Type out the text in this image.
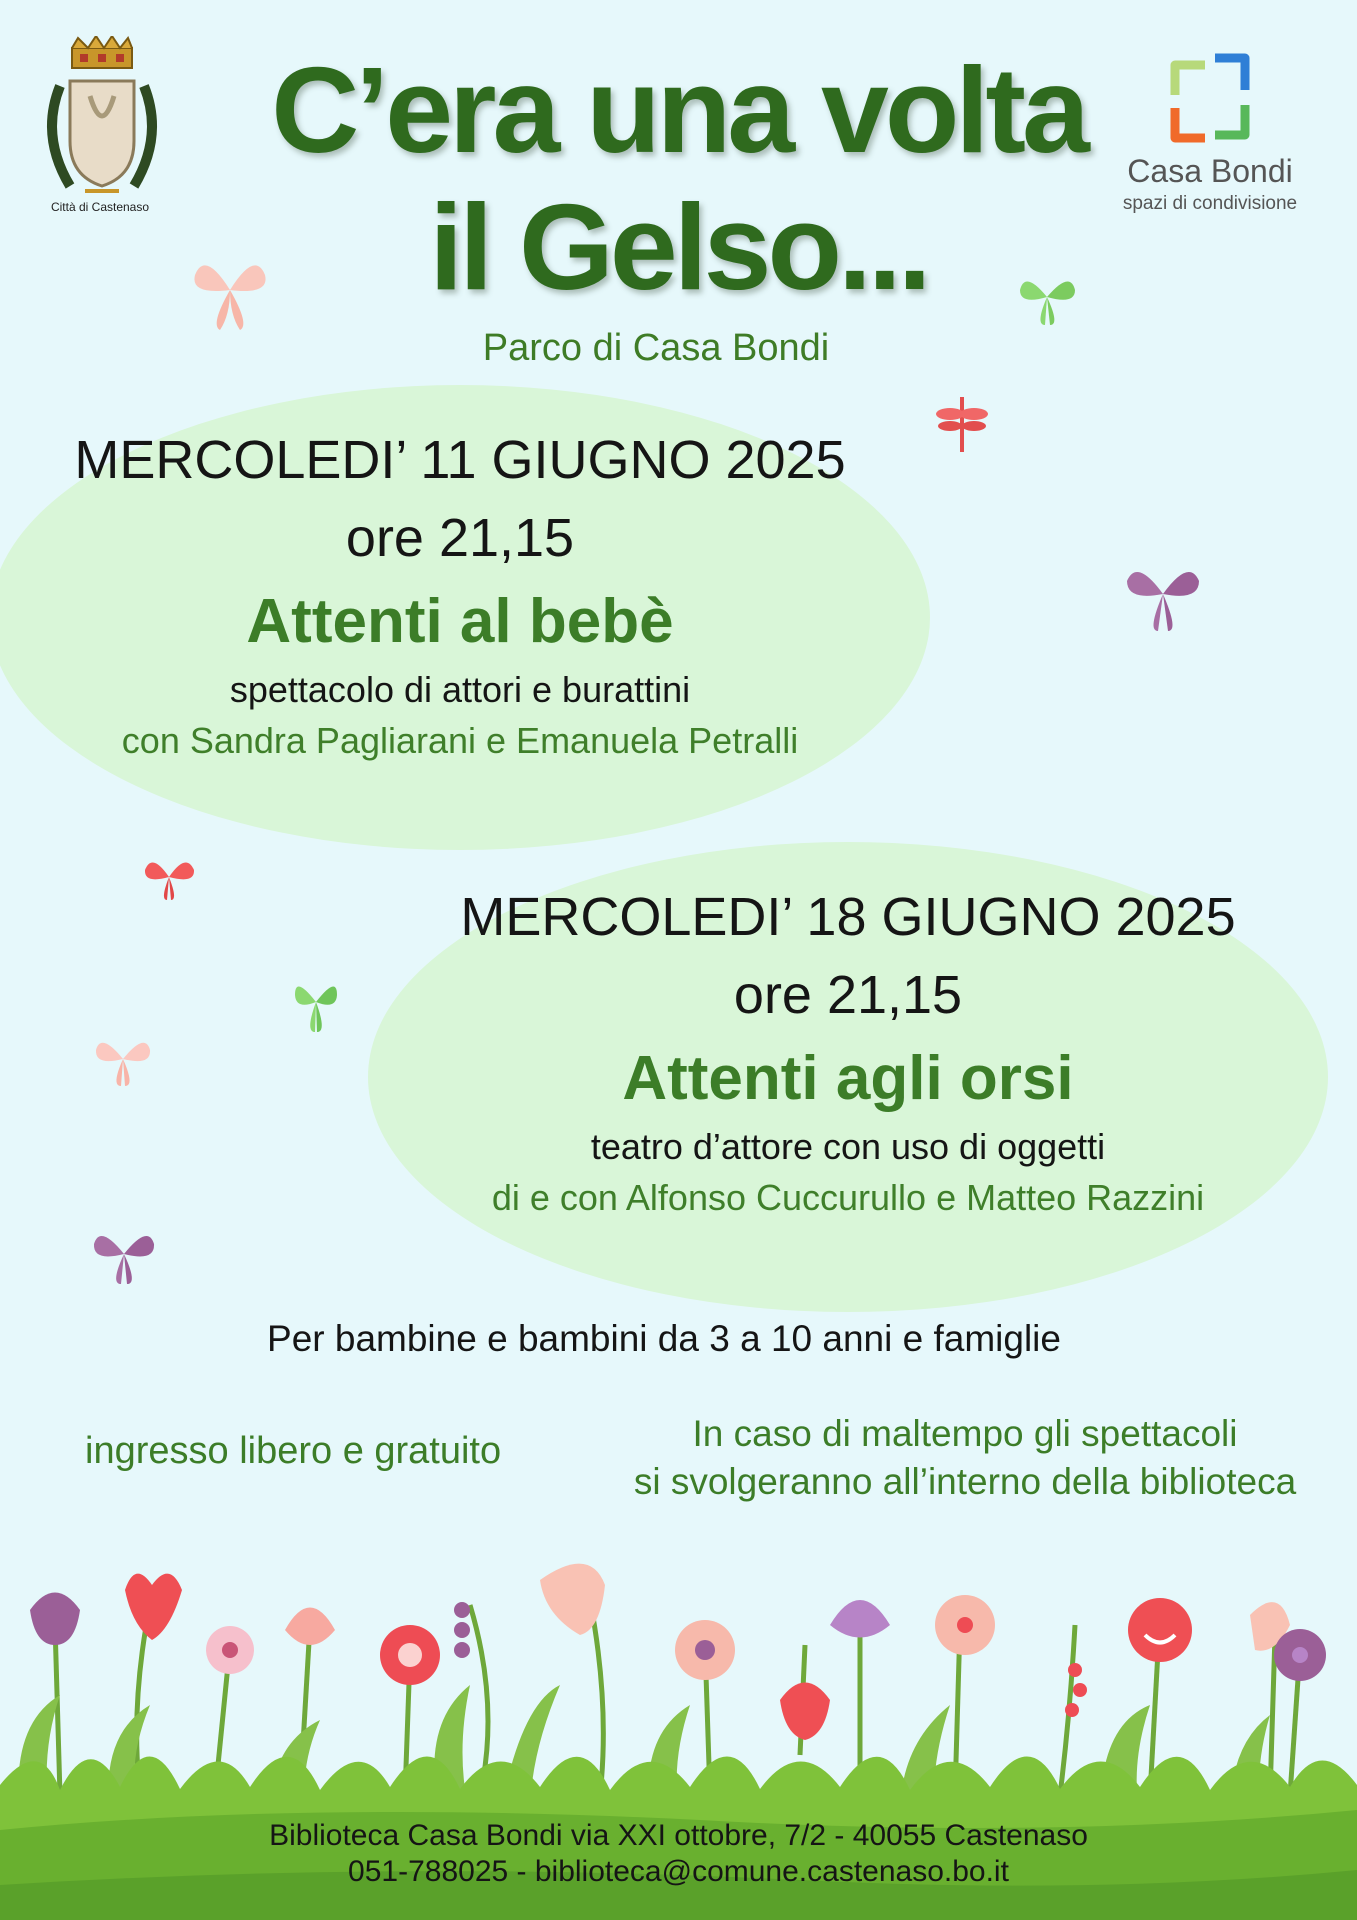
Città di Castenaso
Casa Bondi
spazi di condivisione
C’era una volta
il Gelso...
Parco di Casa Bondi
MERCOLEDI’ 11 GIUGNO 2025
ore 21,15
Attenti al bebè
spettacolo di attori e burattini
con Sandra Pagliarani e Emanuela Petralli
MERCOLEDI’ 18 GIUGNO 2025
ore 21,15
Attenti agli orsi
teatro d’attore con uso di oggetti
di e con Alfonso Cuccurullo e Matteo Razzini
Per bambine e bambini da 3 a 10 anni e famiglie
ingresso libero e gratuito	In caso di maltempo gli spettacoli
si svolgeranno all’interno della biblioteca
Biblioteca Casa Bondi via XXI ottobre, 7/2 - 40055 Castenaso
051-788025 - biblioteca@comune.castenaso.bo.it
